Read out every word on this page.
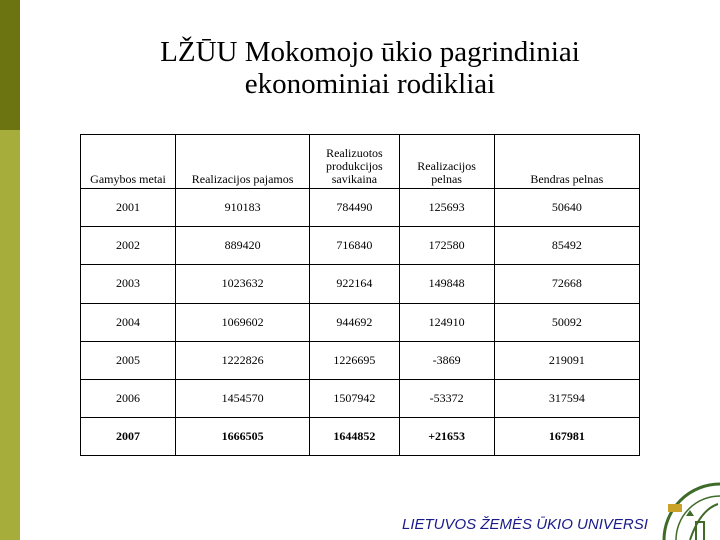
LŽŪU Mokomojo ūkio pagrindiniai
ekonominiai rodikliai
Gamybos metai	Realizacijos pajamos	Realizuotos produkcijos savikaina	Realizacijos pelnas	Bendras pelnas
2001	910183	784490	125693	50640
2002	889420	716840	172580	85492
2003	1023632	922164	149848	72668
2004	1069602	944692	124910	50092
2005	1222826	1226695	-3869	219091
2006	1454570	1507942	-53372	317594
2007	1666505	1644852	+21653	167981
LIETUVOS ŽEMĖS ŪKIO UNIVERSI
